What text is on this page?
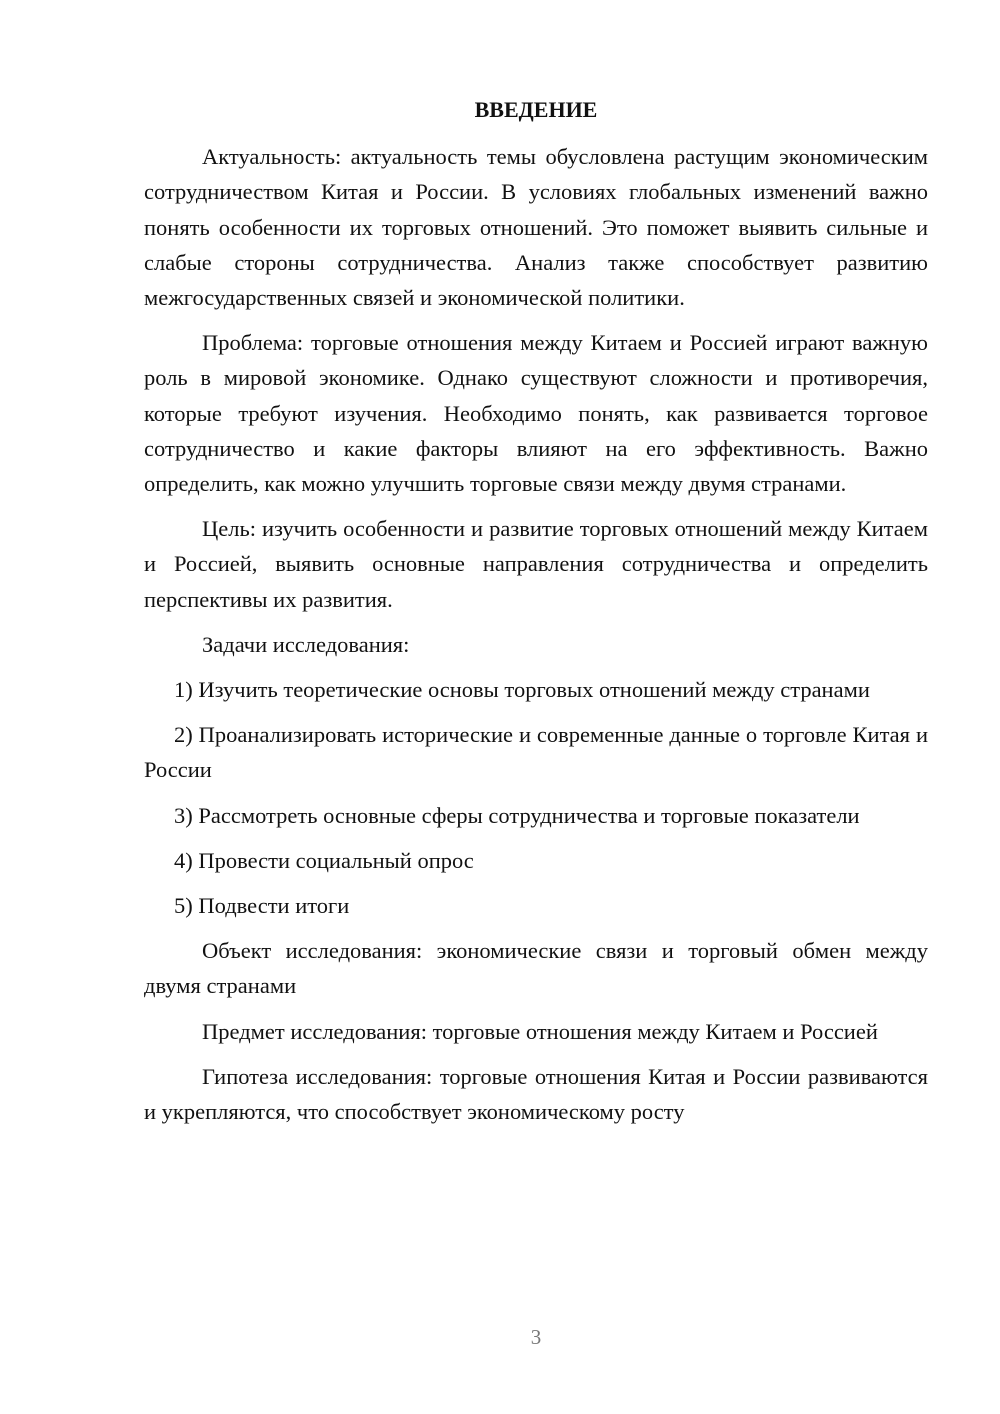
ВВЕДЕНИЕ

Актуальность: актуальность темы обусловлена растущим экономическим сотрудничеством Китая и России. В условиях глобальных изменений важно понять особенности их торговых отношений. Это поможет выявить сильные и слабые стороны сотрудничества. Анализ также способствует развитию межгосударственных связей и экономической политики.

Проблема: торговые отношения между Китаем и Россией играют важную роль в мировой экономике. Однако существуют сложности и противоречия, которые требуют изучения. Необходимо понять, как развивается торговое сотрудничество и какие факторы влияют на его эффективность. Важно определить, как можно улучшить торговые связи между двумя странами.

Цель: изучить особенности и развитие торговых отношений между Китаем и Россией, выявить основные направления сотрудничества и определить перспективы их развития.

Задачи исследования:

1) Изучить теоретические основы торговых отношений между странами

2) Проанализировать исторические и современные данные о торговле Китая и России

3) Рассмотреть основные сферы сотрудничества и торговые показатели

4) Провести социальный опрос

5) Подвести итоги

Объект исследования: экономические связи и торговый обмен между двумя странами

Предмет исследования: торговые отношения между Китаем и Россией

Гипотеза исследования: торговые отношения Китая и России развиваются и укрепляются, что способствует экономическому росту

3
